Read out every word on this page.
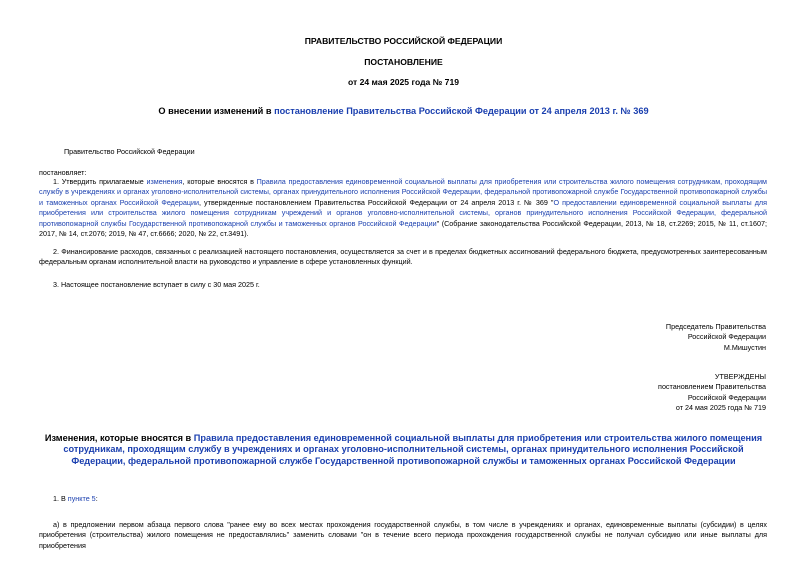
ПРАВИТЕЛЬСТВО РОССИЙСКОЙ ФЕДЕРАЦИИ
ПОСТАНОВЛЕНИЕ
от 24 мая 2025 года № 719
О внесении изменений в постановление Правительства Российской Федерации от 24 апреля 2013 г. № 369
Правительство Российской Федерации
постановляет:
1. Утвердить прилагаемые изменения, которые вносятся в Правила предоставления единовременной социальной выплаты для приобретения или строительства жилого помещения сотрудникам, проходящим службу в учреждениях и органах уголовно-исполнительной системы, органах принудительного исполнения Российской Федерации, федеральной противопожарной службе Государственной противопожарной службы и таможенных органах Российской Федерации, утвержденные постановлением Правительства Российской Федерации от 24 апреля 2013 г. № 369 "О предоставлении единовременной социальной выплаты для приобретения или строительства жилого помещения сотрудникам учреждений и органов уголовно-исполнительной системы, органов принудительного исполнения Российской Федерации, федеральной противопожарной службы Государственной противопожарной службы и таможенных органов Российской Федерации" (Собрание законодательства Российской Федерации, 2013, № 18, ст.2269; 2015, № 11, ст.1607; 2017, № 14, ст.2076; 2019, № 47, ст.6666; 2020, № 22, ст.3491).
2. Финансирование расходов, связанных с реализацией настоящего постановления, осуществляется за счет и в пределах бюджетных ассигнований федерального бюджета, предусмотренных заинтересованным федеральным органам исполнительной власти на руководство и управление в сфере установленных функций.
3. Настоящее постановление вступает в силу с 30 мая 2025 г.
Председатель Правительства
Российской Федерации
М.Мишустин
УТВЕРЖДЕНЫ
постановлением Правительства
Российской Федерации
от 24 мая 2025 года № 719
Изменения, которые вносятся в Правила предоставления единовременной социальной выплаты для приобретения или строительства жилого помещения сотрудникам, проходящим службу в учреждениях и органах уголовно-исполнительной системы, органах принудительного исполнения Российской Федерации, федеральной противопожарной службе Государственной противопожарной службы и таможенных органах Российской Федерации
1. В пункте 5:
а) в предложении первом абзаца первого слова "ранее ему во всех местах прохождения государственной службы, в том числе в учреждениях и органах, единовременные выплаты (субсидии) в целях приобретения (строительства) жилого помещения не предоставлялись" заменить словами "он в течение всего периода прохождения государственной службы не получал субсидию или иные выплаты для приобретения
